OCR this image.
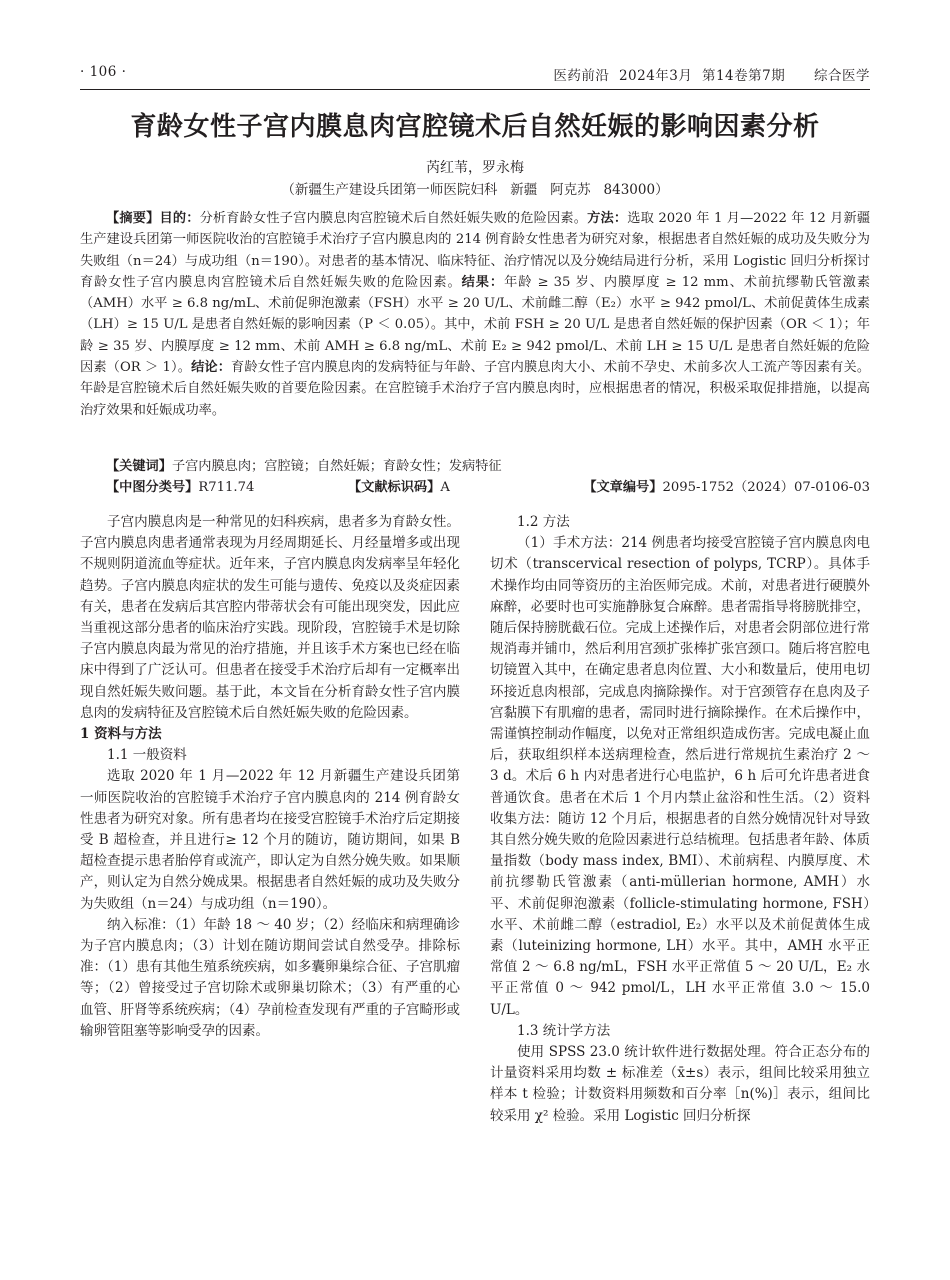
· 106 ·	医药前沿  2024年3月  第14卷第7期      综合医学
育龄女性子宫内膜息肉宫腔镜术后自然妊娠的影响因素分析
芮红苇，罗永梅
（新疆生产建设兵团第一师医院妇科   新疆   阿克苏   843000）
【摘要】目的：分析育龄女性子宫内膜息肉宫腔镜术后自然妊娠失败的危险因素。方法：选取 2020 年 1 月—2022 年 12 月新疆生产建设兵团第一师医院收治的宫腔镜手术治疗子宫内膜息肉的 214 例育龄女性患者为研究对象，根据患者自然妊娠的成功及失败分为失败组（n＝24）与成功组（n＝190）。对患者的基本情况、临床特征、治疗情况以及分娩结局进行分析，采用 Logistic 回归分析探讨育龄女性子宫内膜息肉宫腔镜术后自然妊娠失败的危险因素。结果：年龄 ≥ 35 岁、内膜厚度 ≥ 12 mm、术前抗缪勒氏管激素（AMH）水平 ≥ 6.8 ng/mL、术前促卵泡激素（FSH）水平 ≥ 20 U/L、术前雌二醇（E₂）水平 ≥ 942 pmol/L、术前促黄体生成素（LH）≥ 15 U/L 是患者自然妊娠的影响因素（P ＜ 0.05）。其中，术前 FSH ≥ 20 U/L 是患者自然妊娠的保护因素（OR ＜ 1）；年龄 ≥ 35 岁、内膜厚度 ≥ 12 mm、术前 AMH ≥ 6.8 ng/mL、术前 E₂ ≥ 942 pmol/L、术前 LH ≥ 15 U/L 是患者自然妊娠的危险因素（OR ＞ 1）。结论：育龄女性子宫内膜息肉的发病特征与年龄、子宫内膜息肉大小、术前不孕史、术前多次人工流产等因素有关。年龄是宫腔镜术后自然妊娠失败的首要危险因素。在宫腔镜手术治疗子宫内膜息肉时，应根据患者的情况，积极采取促排措施，以提高治疗效果和妊娠成功率。
【关键词】子宫内膜息肉；宫腔镜；自然妊娠；育龄女性；发病特征
【中图分类号】R711.74	【文献标识码】A	【文章编号】2095-1752（2024）07-0106-03

子宫内膜息肉是一种常见的妇科疾病，患者多为育龄女性。子宫内膜息肉患者通常表现为月经周期延长、月经量增多或出现不规则阴道流血等症状。近年来，子宫内膜息肉发病率呈年轻化趋势。子宫内膜息肉症状的发生可能与遗传、免疫以及炎症因素有关，患者在发病后其宫腔内带蒂状会有可能出现突发，因此应当重视这部分患者的临床治疗实践。现阶段，宫腔镜手术是切除子宫内膜息肉最为常见的治疗措施，并且该手术方案也已经在临床中得到了广泛认可。但患者在接受手术治疗后却有一定概率出现自然妊娠失败问题。基于此，本文旨在分析育龄女性子宫内膜息肉的发病特征及宫腔镜术后自然妊娠失败的危险因素。

1 资料与方法

1.1 一般资料

选取 2020 年 1 月—2022 年 12 月新疆生产建设兵团第一师医院收治的宫腔镜手术治疗子宫内膜息肉的 214 例育龄女性患者为研究对象。所有患者均在接受宫腔镜手术治疗后定期接受 B 超检查，并且进行≥ 12 个月的随访，随访期间，如果 B 超检查提示患者胎停育或流产，即认定为自然分娩失败。如果顺产，则认定为自然分娩成果。根据患者自然妊娠的成功及失败分为失败组（n＝24）与成功组（n＝190）。

纳入标准：（1）年龄 18 ～ 40 岁；（2）经临床和病理确诊为子宫内膜息肉；（3）计划在随访期间尝试自然受孕。排除标准：（1）患有其他生殖系统疾病，如多囊卵巢综合征、子宫肌瘤等；（2）曾接受过子宫切除术或卵巢切除术；（3）有严重的心血管、肝肾等系统疾病；（4）孕前检查发现有严重的子宫畸形或输卵管阻塞等影响受孕的因素。

1.2 方法

（1）手术方法：214 例患者均接受宫腔镜子宫内膜息肉电切术（transcervical resection of polyps, TCRP）。具体手术操作均由同等资历的主治医师完成。术前，对患者进行硬膜外麻醉，必要时也可实施静脉复合麻醉。患者需指导将膀胱排空，随后保持膀胱截石位。完成上述操作后，对患者会阴部位进行常规消毒并铺巾，然后利用宫颈扩张棒扩张宫颈口。随后将宫腔电切镜置入其中，在确定患者息肉位置、大小和数量后，使用电切环接近息肉根部，完成息肉摘除操作。对于宫颈管存在息肉及子宫黏膜下有肌瘤的患者，需同时进行摘除操作。在术后操作中，需谨慎控制动作幅度，以免对正常组织造成伤害。完成电凝止血后，获取组织样本送病理检查，然后进行常规抗生素治疗 2 ～ 3 d。术后 6 h 内对患者进行心电监护，6 h 后可允许患者进食普通饮食。患者在术后 1 个月内禁止盆浴和性生活。（2）资料收集方法：随访 12 个月后，根据患者的自然分娩情况针对导致其自然分娩失败的危险因素进行总结梳理。包括患者年龄、体质量指数（body mass index, BMI）、术前病程、内膜厚度、术前抗缪勒氏管激素（anti-müllerian hormone, AMH）水平、术前促卵泡激素（follicle-stimulating hormone, FSH）水平、术前雌二醇（estradiol, E₂）水平以及术前促黄体生成素（luteinizing hormone, LH）水平。其中，AMH 水平正常值 2 ～ 6.8 ng/mL，FSH 水平正常值 5 ～ 20 U/L，E₂ 水平正常值 0 ～ 942 pmol/L，LH 水平正常值 3.0 ～ 15.0 U/L。

1.3 统计学方法

使用 SPSS 23.0 统计软件进行数据处理。符合正态分布的计量资料采用均数 ± 标准差（x̄±s）表示，组间比较采用独立样本 t 检验；计数资料用频数和百分率［n(%)］表示，组间比较采用 χ² 检验。采用 Logistic 回归分析探
